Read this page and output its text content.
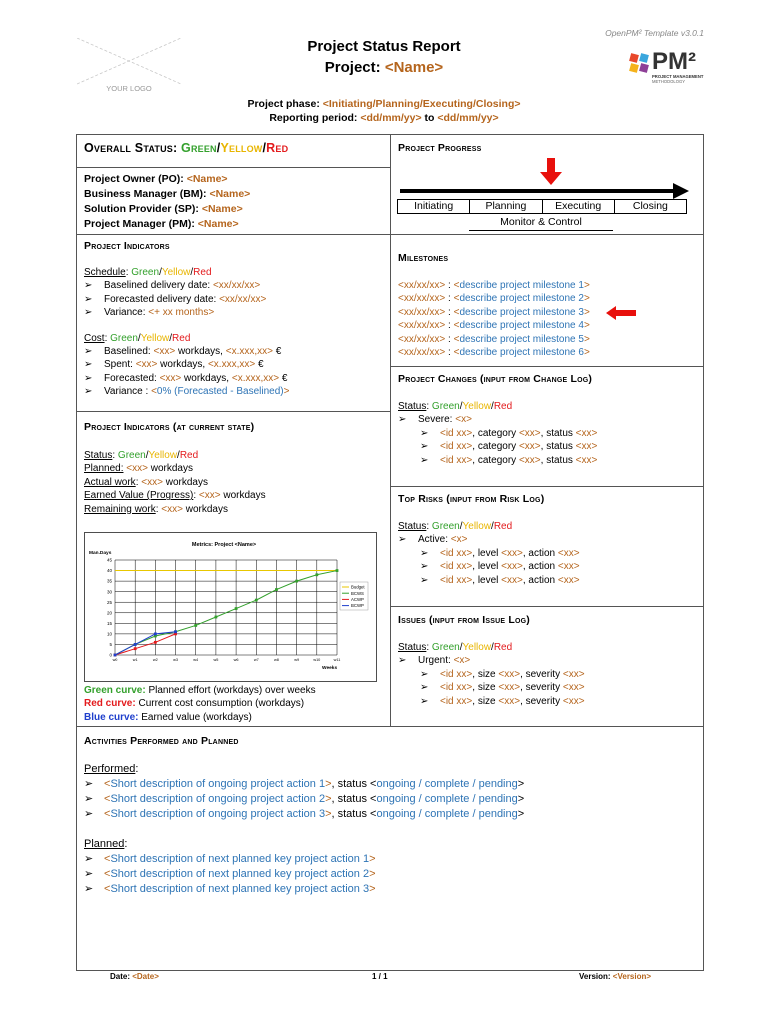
YOUR LOGO
OpenPM² Template v3.0.1
PM²
PROJECT MANAGEMENT
METHODOLOGY
Project Status Report
Project: <Name>
Project phase: <Initiating/Planning/Executing/Closing>
Reporting period: <dd/mm/yy> to <dd/mm/yy>
Overall Status: Green/Yellow/Red
Project Owner (PO): <Name>
Business Manager (BM): <Name>
Solution Provider (SP): <Name>
Project Manager (PM): <Name>
Project Indicators
Schedule: Green/Yellow/Red
➢ Baselined delivery date: <xx/xx/xx>
➢ Forecasted delivery date: <xx/xx/xx>
➢ Variance: <+ xx months>
Cost: Green/Yellow/Red
➢ Baselined: <xx> workdays, <x.xxx,xx> €
➢ Spent: <xx> workdays, <x.xxx,xx> €
➢ Forecasted: <xx> workdays, <x.xxx,xx> €
➢ Variance : <0% (Forecasted - Baselined)>
Project Indicators (at current state)
Status: Green/Yellow/Red
Planned: <xx> workdays
Actual work: <xx> workdays
Earned Value (Progress): <xx> workdays
Remaining work: <xx> workdays
Metrics: Project <Name>
Man.Days
Weeks
0
5
10
15
20
25
30
35
40
45
w0	w1	w2	w3	w4	w5	w6	w7	w8	w9	w10	w11
Budget
BCWS
ACWP
BCWP
Green curve: Planned effort (workdays) over weeks
Red curve: Current cost consumption (workdays)
Blue curve: Earned value (workdays)
Project Progress
Initiating	Planning	Executing	Closing
Monitor & Control
Milestones
<xx/xx/xx> : <describe project milestone 1>
<xx/xx/xx> : <describe project milestone 2>
<xx/xx/xx> : <describe project milestone 3>
<xx/xx/xx> : <describe project milestone 4>
<xx/xx/xx> : <describe project milestone 5>
<xx/xx/xx> : <describe project milestone 6>
Project Changes (input from Change Log)
Status: Green/Yellow/Red
➢ Severe: <x>
➢ <id xx>, category <xx>, status <xx>
➢ <id xx>, category <xx>, status <xx>
➢ <id xx>, category <xx>, status <xx>
Top Risks (input from Risk Log)
Status: Green/Yellow/Red
➢ Active: <x>
➢ <id xx>, level <xx>, action <xx>
➢ <id xx>, level <xx>, action <xx>
➢ <id xx>, level <xx>, action <xx>
Issues (input from Issue Log)
Status: Green/Yellow/Red
➢ Urgent: <x>
➢ <id xx>, size <xx>, severity <xx>
➢ <id xx>, size <xx>, severity <xx>
➢ <id xx>, size <xx>, severity <xx>
Activities Performed and Planned
Performed:
➢ <Short description of ongoing project action 1>, status <ongoing / complete / pending>
➢ <Short description of ongoing project action 2>, status <ongoing / complete / pending>
➢ <Short description of ongoing project action 3>, status <ongoing / complete / pending>
Planned:
➢ <Short description of next planned key project action 1>
➢ <Short description of next planned key project action 2>
➢ <Short description of next planned key project action 3>
Date: <Date>	1 / 1	Version: <Version>
